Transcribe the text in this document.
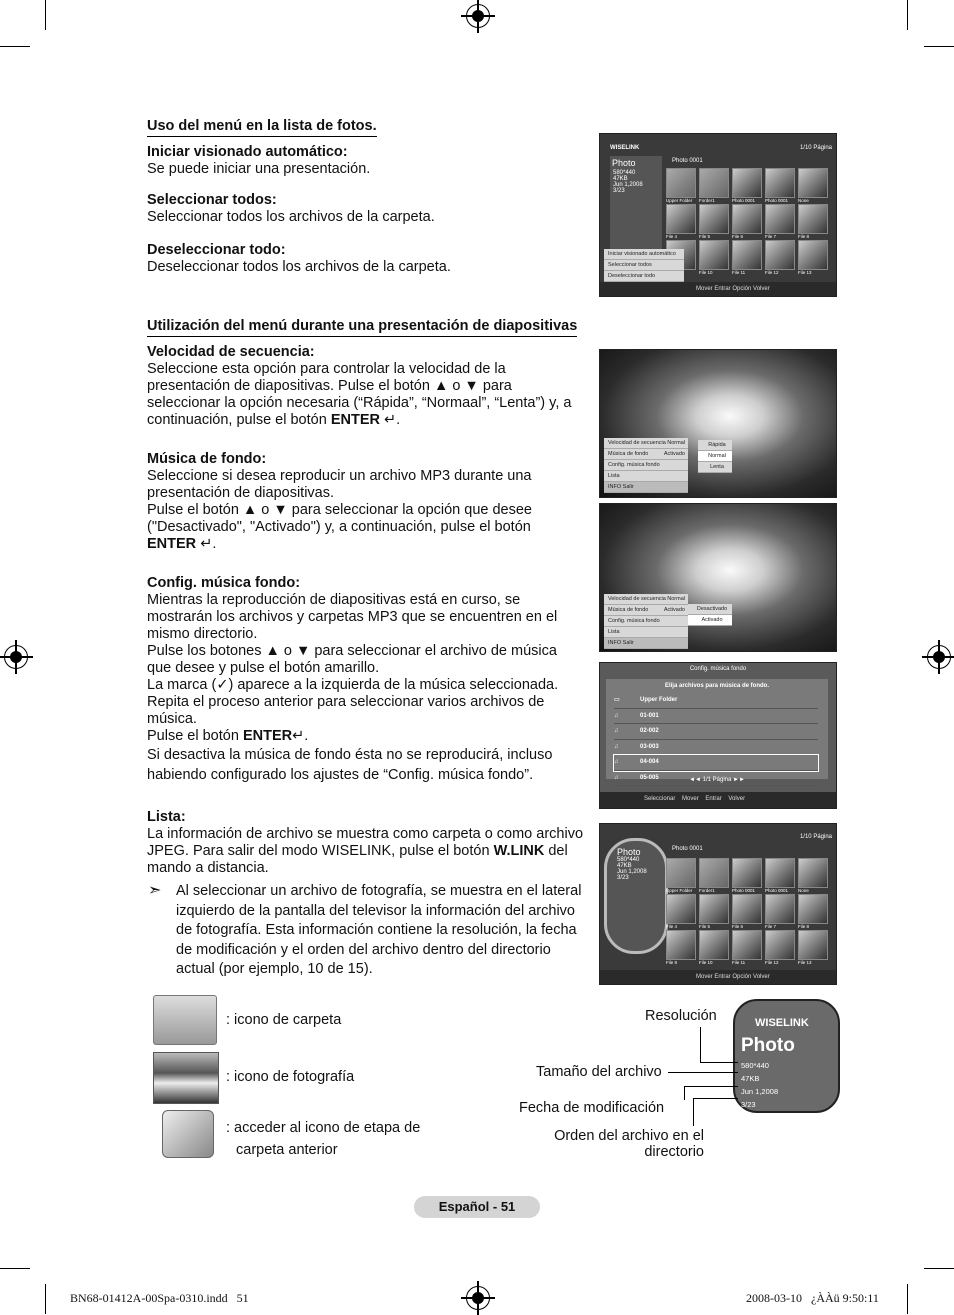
Uso del menú en la lista de fotos.
Iniciar visionado automático:
Se puede iniciar una presentación.
Seleccionar todos:
Seleccionar todos los archivos de la carpeta.
Deseleccionar todo:
Deseleccionar todos los archivos de la carpeta.
WISELINK	1/10 Página
Photo
580*440
47KB
Jun 1,2008
3/23
Photo 0001
Upper Folder	Forder1	Photo 0001	Photo 0001	None
File 4	File 5	File 6	File 7	File 8
File 10	File 11	File 12	File 13
Iniciar visionado automático
Seleccionar todos
Deseleccionar todo
Mover Entrar Opción Volver
Utilización del menú durante una presentación de diapositivas
Velocidad de secuencia:
Seleccione esta opción para controlar la velocidad de la
presentación de diapositivas. Pulse el botón ▲ o ▼ para
seleccionar la opción necesaria (“Rápida”, “Normaal”, “Lenta”) y, a
continuación, pulse el botón ENTER ↵.
Música de fondo:
Seleccione si desea reproducir un archivo MP3 durante una
presentación de diapositivas.
Pulse el botón ▲ o ▼ para seleccionar la opción que desee
("Desactivado", "Activado") y, a continuación, pulse el botón
ENTER ↵.
Config. música fondo:
Mientras la reproducción de diapositivas está en curso, se
mostrarán los archivos y carpetas MP3 que se encuentren en el
mismo directorio.
Pulse los botones ▲ o ▼ para seleccionar el archivo de música
que desee y pulse el botón amarillo.
La marca (✓) aparece a la izquierda de la música seleccionada.
Repita el proceso anterior para seleccionar varios archivos de
música.
Pulse el botón ENTER↵.
Si desactiva la música de fondo ésta no se reproducirá, incluso
habiendo configurado los ajustes de “Config. música fondo”.
Lista:
La información de archivo se muestra como carpeta o como archivo
JPEG. Para salir del modo WISELINK, pulse el botón W.LINK del
mando a distancia.
➣ Al seleccionar un archivo de fotografía, se muestra en el lateral
izquierdo de la pantalla del televisor la información del archivo
de fotografía. Esta información contiene la resolución, la fecha
de modificación y el orden del archivo dentro del directorio
actual (por ejemplo, 10 de 15).
Velocidad de secuencia Normal
Música de fondo	Activado
Config. música fondo
Lista
INFO Salir
Rápida
Normal
Lenta
Velocidad de secuencia Normal
Música de fondo	Activado
Config. música fondo
Lista
INFO Salir
Desactivado
Activado
Config. música fondo
Elija archivos para música de fondo.
▭	Upper Folder
♫	01-001
♫	02-002
♫	03-003
♫	04-004
♫	05-005	◄◄ 1/1 Página ►►
Seleccionar Mover Entrar Volver
1/10 Página
Photo
580*440
47KB
Jun 1,2008
3/23
Photo 0001
Upper Folder	Forder1	Photo 0001	Photo 0001	None
File 4	File 5	File 6	File 7	File 8
File 9	File 10	File 11	File 12	File 13
Mover Entrar Opción Volver
: icono de carpeta
: icono de fotografía
: acceder al icono de etapa de
carpeta anterior
WISELINK
Photo
580*440
47KB
Jun 1,2008
3/23
Resolución
Tamaño del archivo
Fecha de modificación
Orden del archivo en el
directorio
Español - 51
BN68-01412A-00Spa-0310.indd   51	2008-03-10   ¿ÀÀü 9:50:11
